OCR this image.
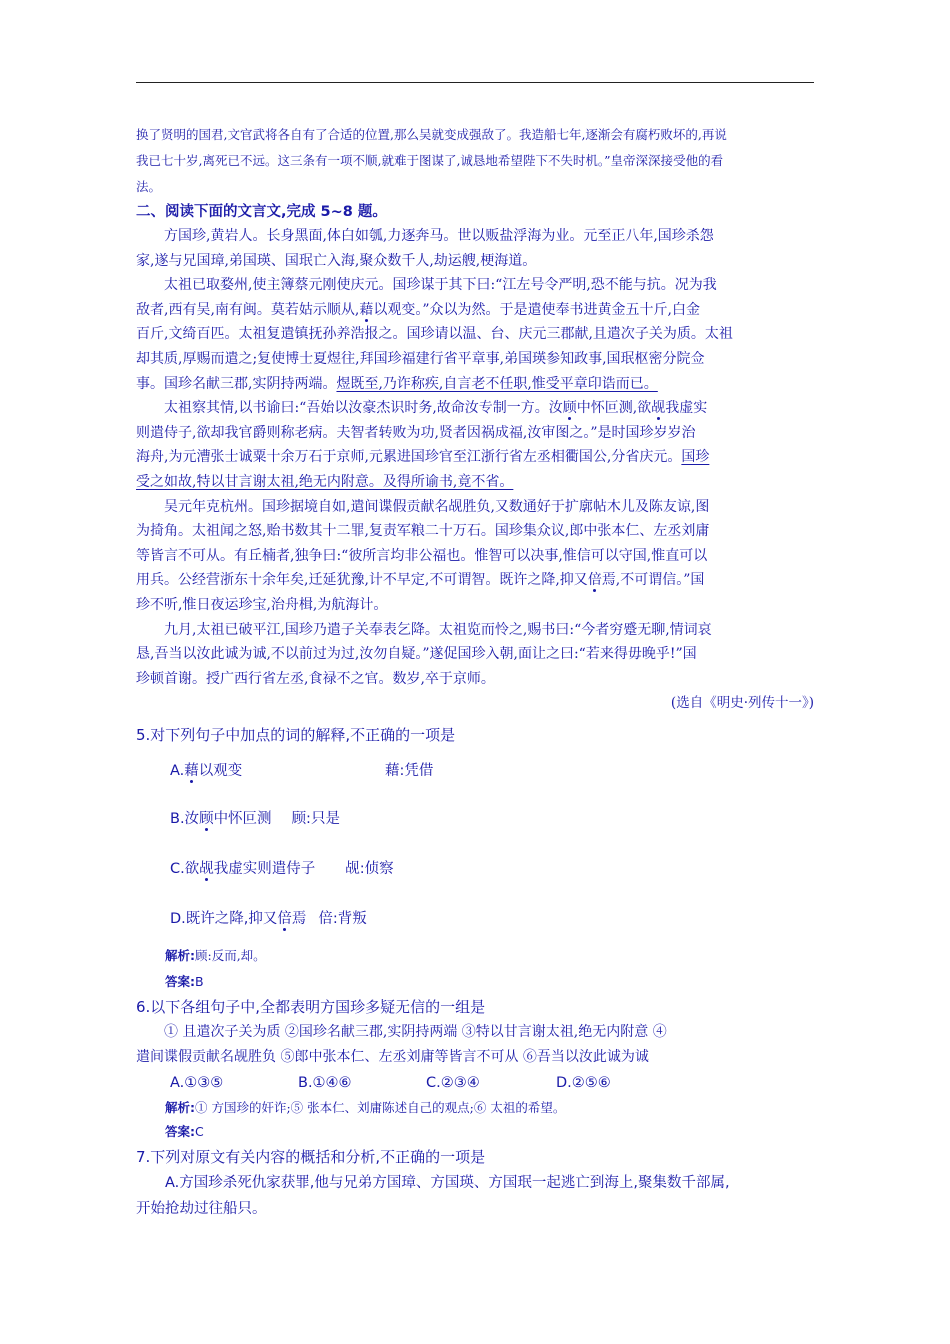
换了贤明的国君,文官武将各自有了合适的位置,那么吴就变成强敌了。我造船七年,逐渐会有腐朽败坏的,再说

我已七十岁,离死已不远。这三条有一项不顺,就难于图谋了,诚恳地希望陛下不失时机。”皇帝深深接受他的看

法。

二、阅读下面的文言文,完成 5~8 题。

方国珍,黄岩人。长身黑面,体白如瓠,力逐奔马。世以贩盐浮海为业。元至正八年,国珍杀怨

家,遂与兄国璋,弟国瑛、国珉亡入海,聚众数千人,劫运艘,梗海道。

太祖已取婺州,使主簿蔡元刚使庆元。国珍谋于其下曰:“江左号令严明,恐不能与抗。况为我

敌者,西有吴,南有闽。莫若姑示顺从,藉以观变。”众以为然。于是遣使奉书进黄金五十斤,白金

百斤,文绮百匹。太祖复遣镇抚孙养浩报之。国珍请以温、台、庆元三郡献,且遣次子关为质。太祖

却其质,厚赐而遣之;复使博士夏煜往,拜国珍福建行省平章事,弟国瑛参知政事,国珉枢密分院佥

事。国珍名献三郡,实阴持两端。煜既至,乃诈称疾,自言老不任职,惟受平章印诰而已。

太祖察其情,以书谕曰:“吾始以汝豪杰识时务,故命汝专制一方。汝顾中怀叵测,欲觇我虚实

则遣侍子,欲却我官爵则称老病。夫智者转败为功,贤者因祸成福,汝审图之。”是时国珍岁岁治

海舟,为元漕张士诚粟十余万石于京师,元累进国珍官至江浙行省左丞相衢国公,分省庆元。国珍

受之如故,特以甘言谢太祖,绝无内附意。及得所谕书,竟不省。

吴元年克杭州。国珍据境自如,遣间谍假贡献名觇胜负,又数通好于扩廓帖木儿及陈友谅,图

为掎角。太祖闻之怒,贻书数其十二罪,复责军粮二十万石。国珍集众议,郎中张本仁、左丞刘庸

等皆言不可从。有丘楠者,独争曰:“彼所言均非公福也。惟智可以决事,惟信可以守国,惟直可以

用兵。公经营浙东十余年矣,迁延犹豫,计不早定,不可谓智。既许之降,抑又倍焉,不可谓信。”国

珍不听,惟日夜运珍宝,治舟楫,为航海计。

九月,太祖已破平江,国珍乃遣子关奉表乞降。太祖览而怜之,赐书曰:“今者穷蹙无聊,情词哀

恳,吾当以汝此诚为诚,不以前过为过,汝勿自疑。”遂促国珍入朝,面让之曰:“若来得毋晚乎!”国

珍顿首谢。授广西行省左丞,食禄不之官。数岁,卒于京师。

(选自《明史·列传十一》)

5.对下列句子中加点的词的解释,不正确的一项是
A.藉以观变	藉:凭借
B.汝顾中怀叵测 顾:只是
C.欲觇我虚实则遣侍子 觇:侦察
D.既许之降,抑又倍焉 倍:背叛
解析:顾:反而,却。
答案:B
6.以下各组句子中,全都表明方国珍多疑无信的一组是

① 且遣次子关为质 ②国珍名献三郡,实阴持两端 ③特以甘言谢太祖,绝无内附意 ④

遣间谍假贡献名觇胜负 ⑤郎中张本仁、左丞刘庸等皆言不可从 ⑥吾当以汝此诚为诚

A.①③⑤	B.①④⑥	C.②③④	D.②⑤⑥
解析:① 方国珍的奸诈;⑤ 张本仁、刘庸陈述自己的观点;⑥ 太祖的希望。
答案:C
7.下列对原文有关内容的概括和分析,不正确的一项是

A.方国珍杀死仇家获罪,他与兄弟方国璋、方国瑛、方国珉一起逃亡到海上,聚集数千部属,

开始抢劫过往船只。
